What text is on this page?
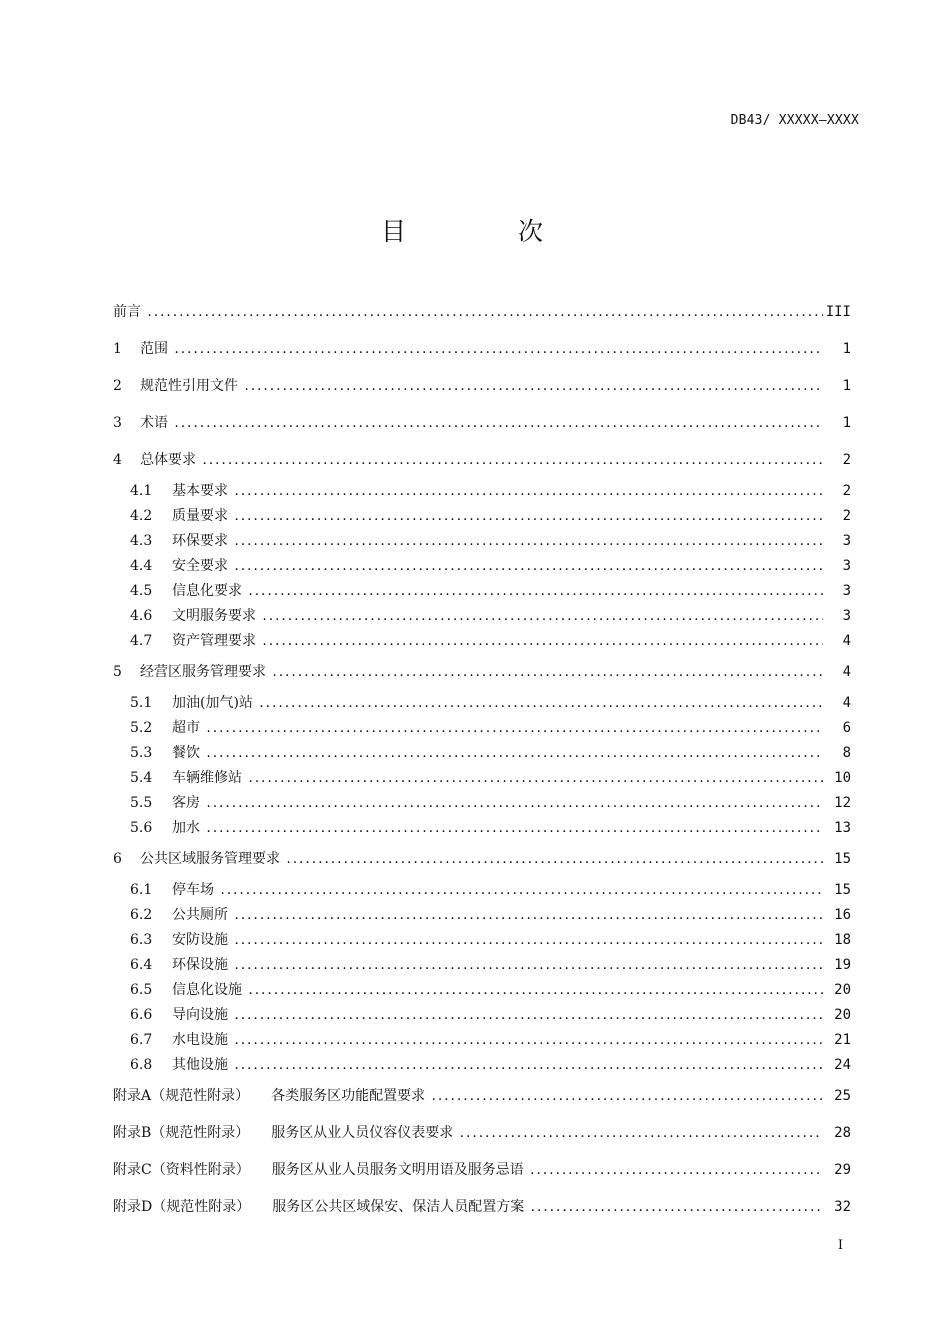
DB43/ XXXXX—XXXX
目 次
前言 .....	III
1 范围 .....	1
2 规范性引用文件 .....	1
3 术语 .....	1
4 总体要求 .....	2
4.1 基本要求 .....	2
4.2 质量要求 .....	2
4.3 环保要求 .....	3
4.4 安全要求 .....	3
4.5 信息化要求 .....	3
4.6 文明服务要求 .....	3
4.7 资产管理要求 .....	4
5 经营区服务管理要求 .....	4
5.1 加油(加气)站 .....	4
5.2 超市 .....	6
5.3 餐饮 .....	8
5.4 车辆维修站 .....	10
5.5 客房 .....	12
5.6 加水 .....	13
6 公共区域服务管理要求 .....	15
6.1 停车场 .....	15
6.2 公共厕所 .....	16
6.3 安防设施 .....	18
6.4 环保设施 .....	19
6.5 信息化设施 .....	20
6.6 导向设施 .....	20
6.7 水电设施 .....	21
6.8 其他设施 .....	24
附录A（规范性附录） 各类服务区功能配置要求 .....	25
附录B（规范性附录） 服务区从业人员仪容仪表要求 .....	28
附录C（资料性附录） 服务区从业人员服务文明用语及服务忌语 .....	29
附录D（规范性附录） 服务区公共区域保安、保洁人员配置方案 .....	32
I
